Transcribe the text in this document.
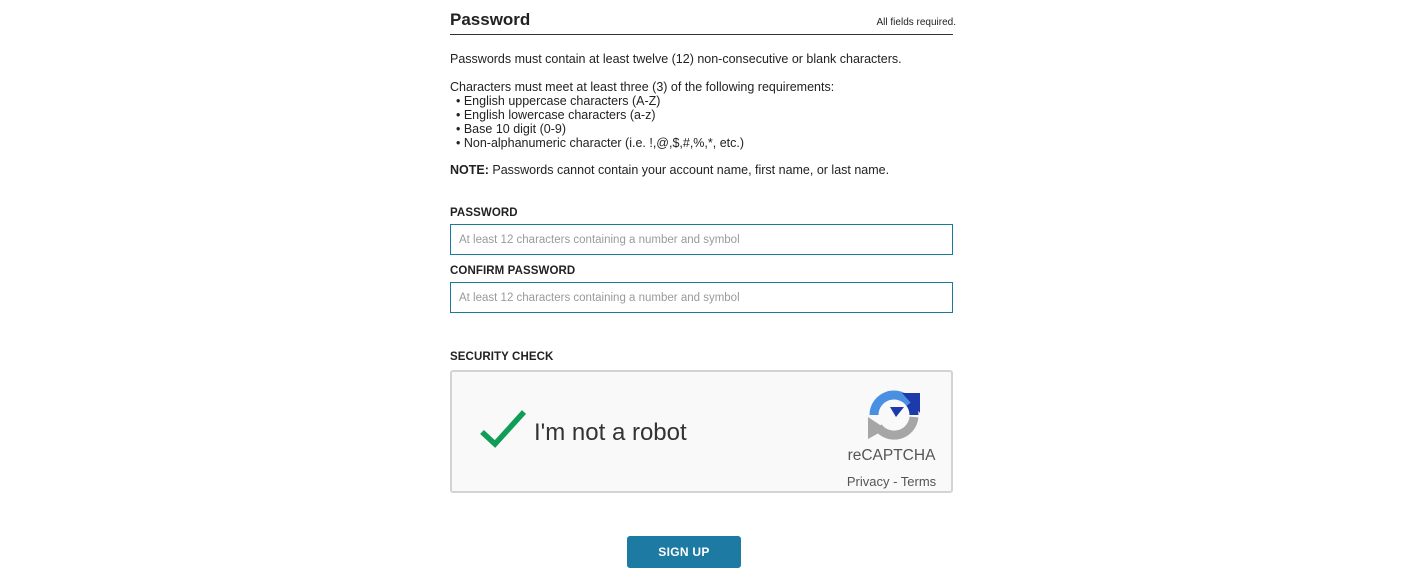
Password	All fields required.
Passwords must contain at least twelve (12) non-consecutive or blank characters.
Characters must meet at least three (3) of the following requirements:
• English uppercase characters (A-Z)
• English lowercase characters (a-z)
• Base 10 digit (0-9)
• Non-alphanumeric character (i.e. !,@,$,#,%,*, etc.)
NOTE: Passwords cannot contain your account name, first name, or last name.
PASSWORD
CONFIRM PASSWORD
SECURITY CHECK
I'm not a robot
reCAPTCHA
Privacy - Terms
SIGN UP
